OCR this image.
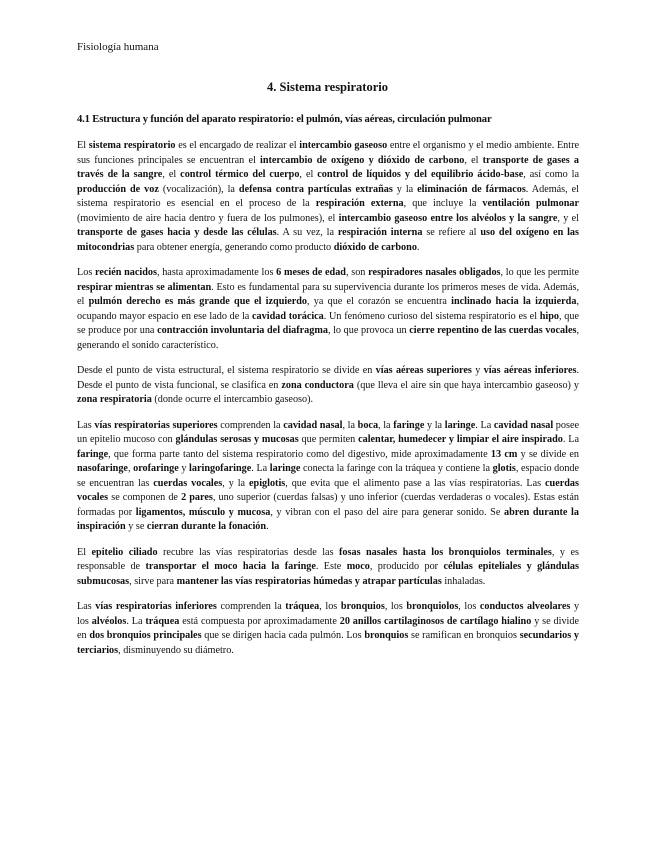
Fisiología humana
4. Sistema respiratorio
4.1 Estructura y función del aparato respiratorio: el pulmón, vías aéreas, circulación pulmonar

El sistema respiratorio es el encargado de realizar el intercambio gaseoso entre el organismo y el medio ambiente. Entre sus funciones principales se encuentran el intercambio de oxígeno y dióxido de carbono, el transporte de gases a través de la sangre, el control térmico del cuerpo, el control de líquidos y del equilibrio ácido-base, así como la producción de voz (vocalización), la defensa contra partículas extrañas y la eliminación de fármacos. Además, el sistema respiratorio es esencial en el proceso de la respiración externa, que incluye la ventilación pulmonar (movimiento de aire hacia dentro y fuera de los pulmones), el intercambio gaseoso entre los alvéolos y la sangre, y el transporte de gases hacia y desde las células. A su vez, la respiración interna se refiere al uso del oxígeno en las mitocondrias para obtener energía, generando como producto dióxido de carbono.

Los recién nacidos, hasta aproximadamente los 6 meses de edad, son respiradores nasales obligados, lo que les permite respirar mientras se alimentan. Esto es fundamental para su supervivencia durante los primeros meses de vida. Además, el pulmón derecho es más grande que el izquierdo, ya que el corazón se encuentra inclinado hacia la izquierda, ocupando mayor espacio en ese lado de la cavidad torácica. Un fenómeno curioso del sistema respiratorio es el hipo, que se produce por una contracción involuntaria del diafragma, lo que provoca un cierre repentino de las cuerdas vocales, generando el sonido característico.

Desde el punto de vista estructural, el sistema respiratorio se divide en vías aéreas superiores y vías aéreas inferiores. Desde el punto de vista funcional, se clasifica en zona conductora (que lleva el aire sin que haya intercambio gaseoso) y zona respiratoria (donde ocurre el intercambio gaseoso).

Las vías respiratorias superiores comprenden la cavidad nasal, la boca, la faringe y la laringe. La cavidad nasal posee un epitelio mucoso con glándulas serosas y mucosas que permiten calentar, humedecer y limpiar el aire inspirado. La faringe, que forma parte tanto del sistema respiratorio como del digestivo, mide aproximadamente 13 cm y se divide en nasofaringe, orofaringe y laringofaringe. La laringe conecta la faringe con la tráquea y contiene la glotis, espacio donde se encuentran las cuerdas vocales, y la epiglotis, que evita que el alimento pase a las vías respiratorias. Las cuerdas vocales se componen de 2 pares, uno superior (cuerdas falsas) y uno inferior (cuerdas verdaderas o vocales). Estas están formadas por ligamentos, músculo y mucosa, y vibran con el paso del aire para generar sonido. Se abren durante la inspiración y se cierran durante la fonación.

El epitelio ciliado recubre las vías respiratorias desde las fosas nasales hasta los bronquiolos terminales, y es responsable de transportar el moco hacia la faringe. Este moco, producido por células epiteliales y glándulas submucosas, sirve para mantener las vías respiratorias húmedas y atrapar partículas inhaladas.

Las vías respiratorias inferiores comprenden la tráquea, los bronquios, los bronquiolos, los conductos alveolares y los alvéolos. La tráquea está compuesta por aproximadamente 20 anillos cartilaginosos de cartílago hialino y se divide en dos bronquios principales que se dirigen hacia cada pulmón. Los bronquios se ramifican en bronquios secundarios y terciarios, disminuyendo su diámetro.
